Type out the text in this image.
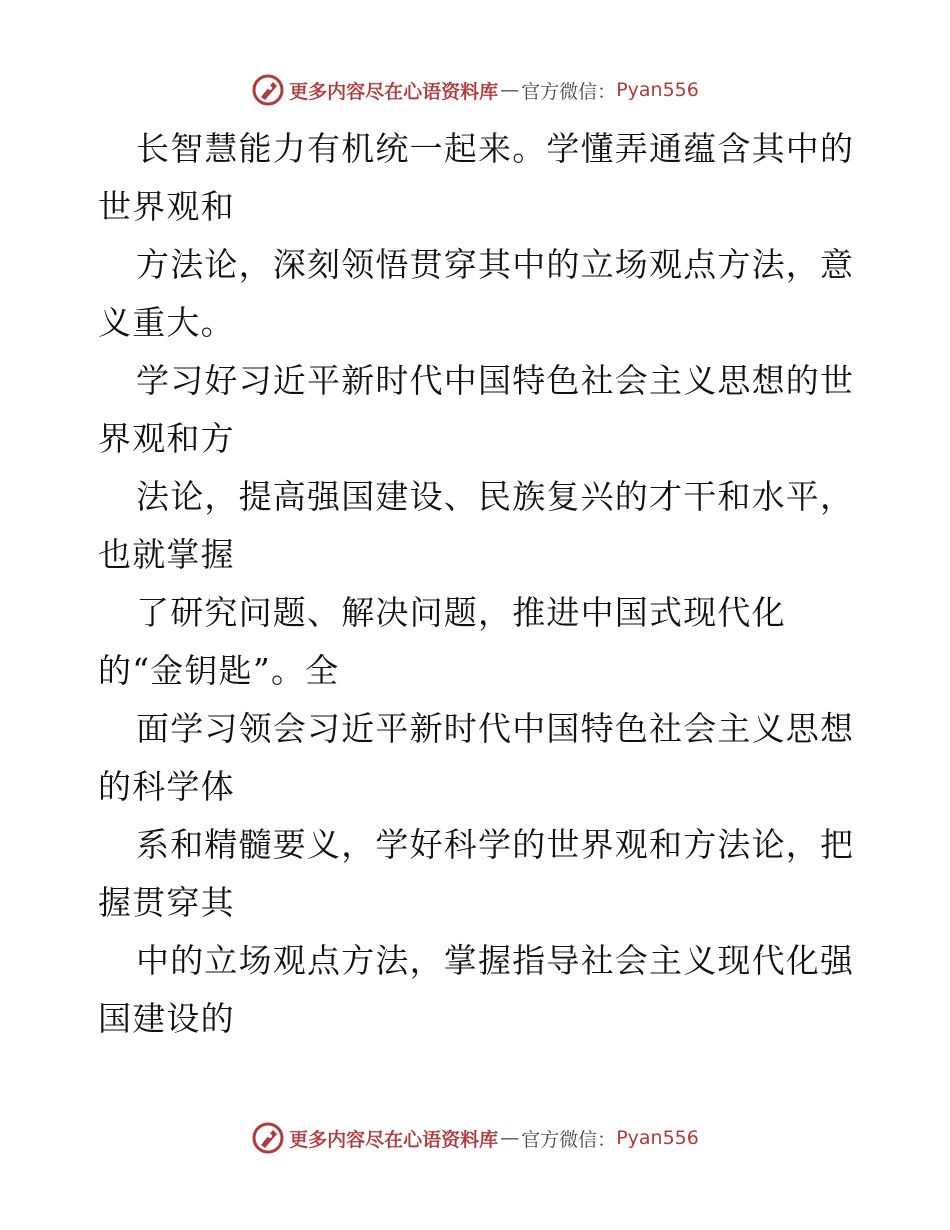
更多内容尽在心语资料库 — 官方微信： Pyan556
长智慧能力有机统一起来。学懂弄通蕴含其中的
世界观和
方法论，深刻领悟贯穿其中的立场观点方法，意
义重大。
学习好习近平新时代中国特色社会主义思想的世
界观和方
法论，提高强国建设、民族复兴的才干和水平，
也就掌握
了研究问题、解决问题，推进中国式现代化
的“金钥匙”。全
面学习领会习近平新时代中国特色社会主义思想
的科学体
系和精髓要义，学好科学的世界观和方法论，把
握贯穿其
中的立场观点方法，掌握指导社会主义现代化强
国建设的
更多内容尽在心语资料库 — 官方微信： Pyan556
